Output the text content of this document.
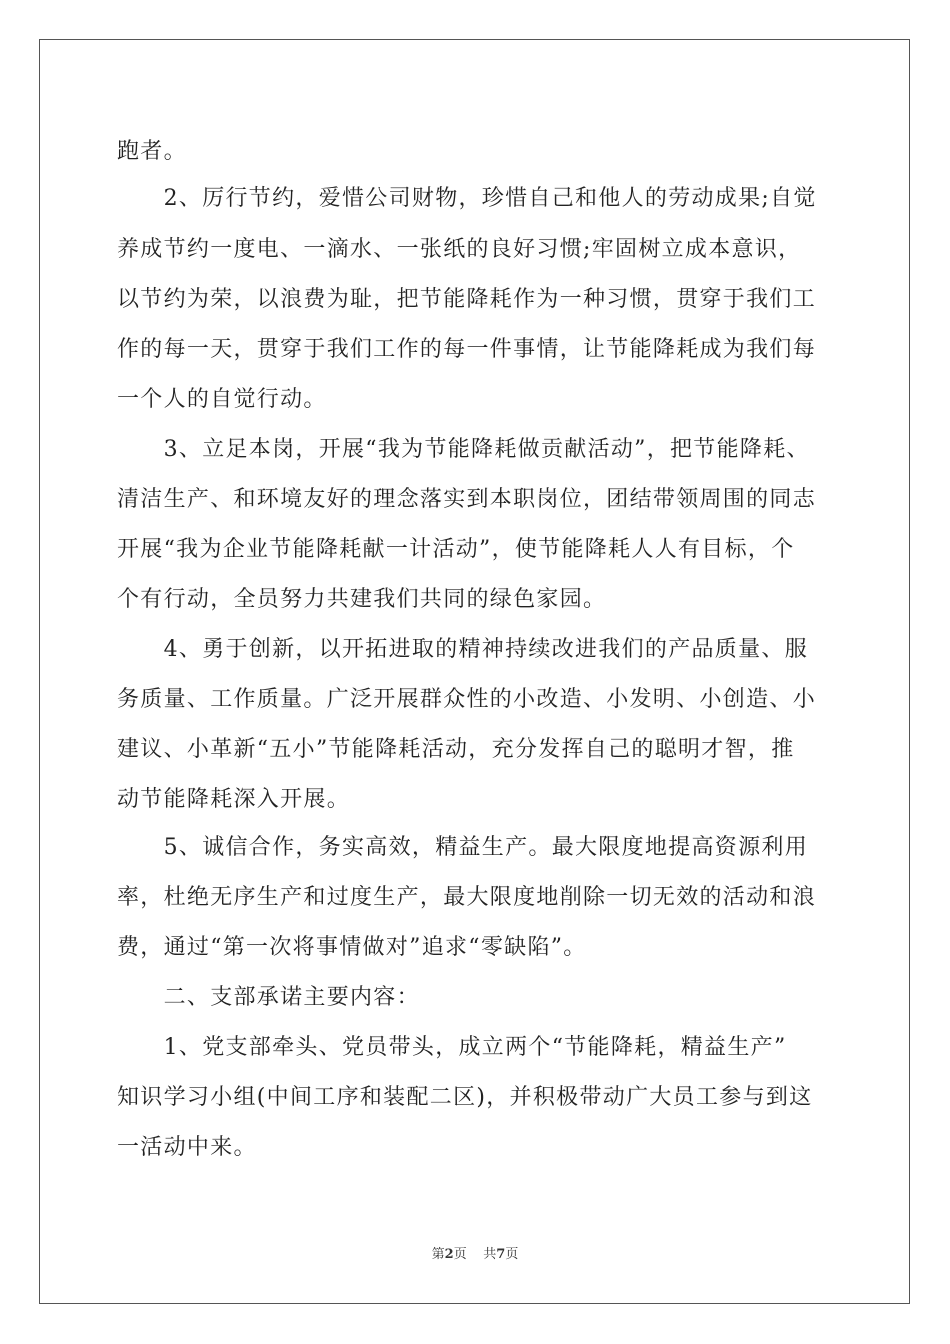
跑者。
　　2、厉行节约，爱惜公司财物，珍惜自己和他人的劳动成果;自觉
养成节约一度电、一滴水、一张纸的良好习惯;牢固树立成本意识，
以节约为荣，以浪费为耻，把节能降耗作为一种习惯，贯穿于我们工
作的每一天，贯穿于我们工作的每一件事情，让节能降耗成为我们每
一个人的自觉行动。
　　3、立足本岗，开展“我为节能降耗做贡献活动”，把节能降耗、
清洁生产、和环境友好的理念落实到本职岗位，团结带领周围的同志
开展“我为企业节能降耗献一计活动”，使节能降耗人人有目标，个
个有行动，全员努力共建我们共同的绿色家园。
　　4、勇于创新，以开拓进取的精神持续改进我们的产品质量、服
务质量、工作质量。广泛开展群众性的小改造、小发明、小创造、小
建议、小革新“五小”节能降耗活动，充分发挥自己的聪明才智，推
动节能降耗深入开展。
　　5、诚信合作，务实高效，精益生产。最大限度地提高资源利用
率，杜绝无序生产和过度生产，最大限度地削除一切无效的活动和浪
费，通过“第一次将事情做对”追求“零缺陷”。
　　二、支部承诺主要内容：
　　1、党支部牵头、党员带头，成立两个“节能降耗，精益生产”
知识学习小组(中间工序和装配二区)，并积极带动广大员工参与到这
一活动中来。
第2页 共7页
